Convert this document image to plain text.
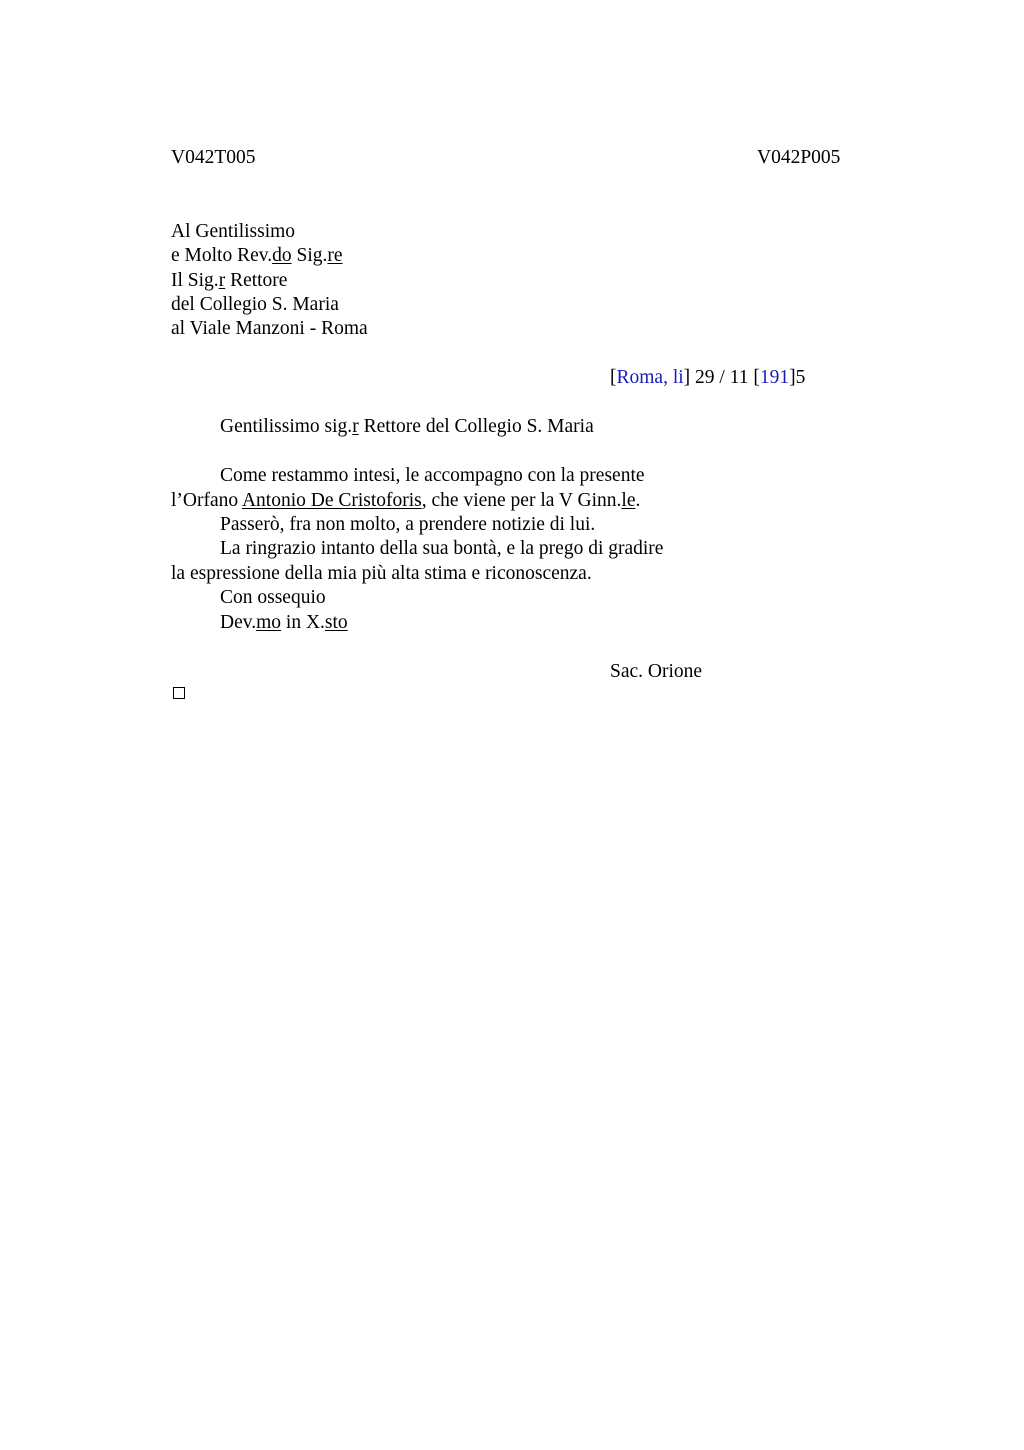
V042T005	V042P005
Al Gentilissimo
e Molto Rev.do Sig.re
Il Sig.r Rettore
del Collegio S. Maria
al Viale Manzoni - Roma
[Roma, li] 29 / 11 [191]5
Gentilissimo sig.r Rettore del Collegio S. Maria
Come restammo intesi, le accompagno con la presente
l’Orfano Antonio De Cristoforis, che viene per la V Ginn.le.
Passerò, fra non molto, a prendere notizie di lui.
La ringrazio intanto della sua bontà, e la prego di gradire
la espressione della mia più alta stima e riconoscenza.
Con ossequio
Dev.mo in X.sto
Sac. Orione
